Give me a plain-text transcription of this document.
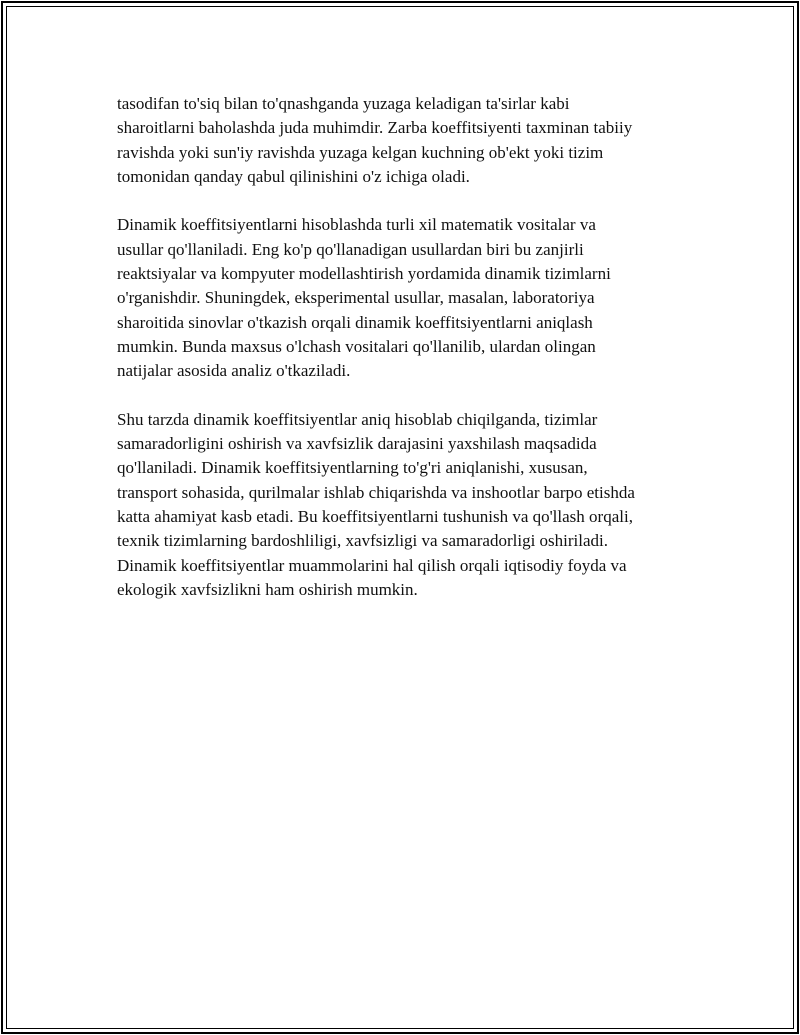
tasodifan to'siq bilan to'qnashganda yuzaga keladigan ta'sirlar kabi
sharoitlarni baholashda juda muhimdir. Zarba koeffitsiyenti taxminan tabiiy
ravishda yoki sun'iy ravishda yuzaga kelgan kuchning ob'ekt yoki tizim
tomonidan qanday qabul qilinishini o'z ichiga oladi.

Dinamik koeffitsiyentlarni hisoblashda turli xil matematik vositalar va
usullar qo'llaniladi. Eng ko'p qo'llanadigan usullardan biri bu zanjirli
reaktsiyalar va kompyuter modellashtirish yordamida dinamik tizimlarni
o'rganishdir. Shuningdek, eksperimental usullar, masalan, laboratoriya
sharoitida sinovlar o'tkazish orqali dinamik koeffitsiyentlarni aniqlash
mumkin. Bunda maxsus o'lchash vositalari qo'llanilib, ulardan olingan
natijalar asosida analiz o'tkaziladi.

Shu tarzda dinamik koeffitsiyentlar aniq hisoblab chiqilganda, tizimlar
samaradorligini oshirish va xavfsizlik darajasini yaxshilash maqsadida
qo'llaniladi. Dinamik koeffitsiyentlarning to'g'ri aniqlanishi, xususan,
transport sohasida, qurilmalar ishlab chiqarishda va inshootlar barpo etishda
katta ahamiyat kasb etadi. Bu koeffitsiyentlarni tushunish va qo'llash orqali,
texnik tizimlarning bardoshliligi, xavfsizligi va samaradorligi oshiriladi.
Dinamik koeffitsiyentlar muammolarini hal qilish orqali iqtisodiy foyda va
ekologik xavfsizlikni ham oshirish mumkin.
